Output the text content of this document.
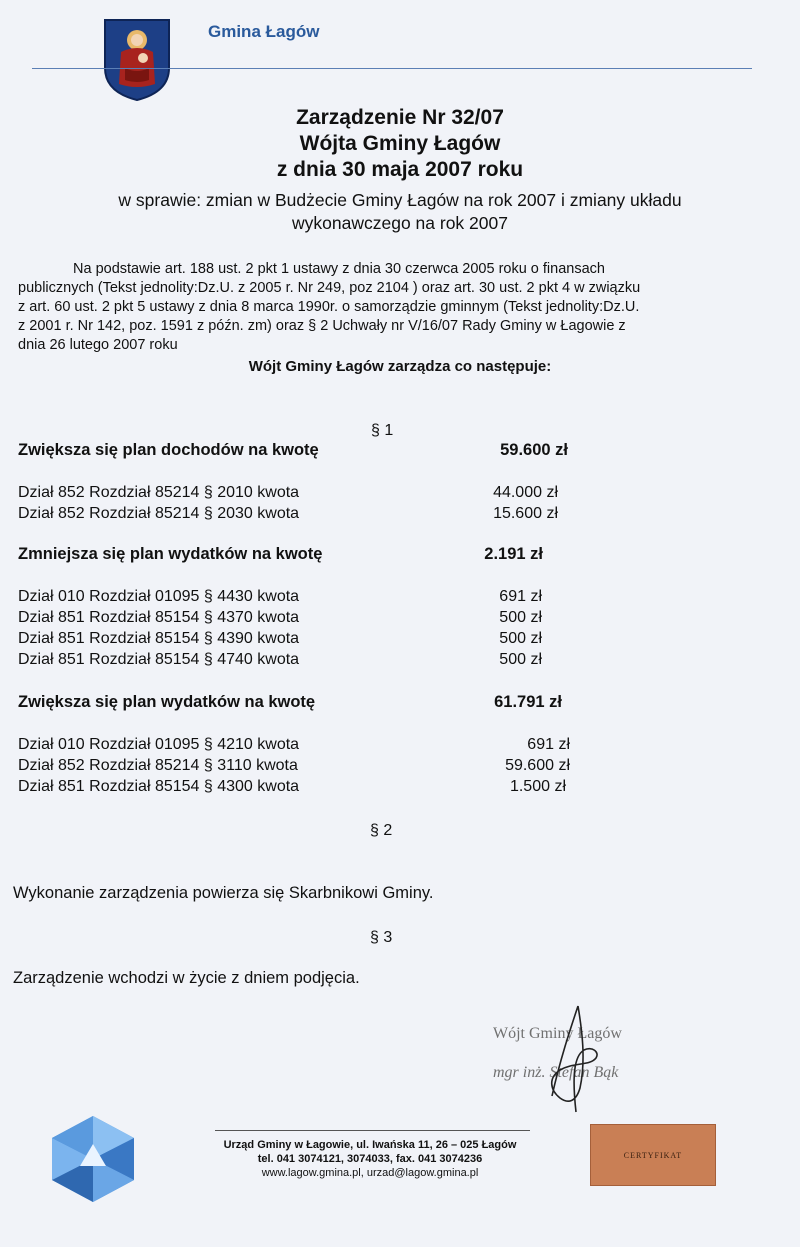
Gmina Łagów
Zarządzenie Nr 32/07
Wójta Gminy Łagów
z dnia 30 maja 2007 roku
w sprawie: zmian w Budżecie Gminy Łagów na rok 2007 i zmiany układu
wykonawczego na rok 2007
Na podstawie art. 188 ust. 2 pkt 1 ustawy z dnia 30 czerwca 2005 roku o finansach
publicznych (Tekst jednolity:Dz.U. z 2005 r. Nr 249, poz 2104 ) oraz art. 30 ust. 2 pkt 4 w związku
z art. 60 ust. 2 pkt 5 ustawy z dnia 8 marca 1990r. o samorządzie gminnym (Tekst jednolity:Dz.U.
z 2001 r. Nr 142, poz. 1591 z późn. zm) oraz § 2 Uchwały nr V/16/07 Rady Gminy w Łagowie z
dnia 26 lutego 2007 roku
Wójt Gminy Łagów zarządza co następuje:
§ 1
Zwiększa się plan dochodów na kwotę	59.600 zł
Dział 852 Rozdział 85214 § 2010 kwota	44.000 zł
Dział 852 Rozdział 85214 § 2030 kwota	15.600 zł
Zmniejsza się plan wydatków na kwotę	2.191 zł
Dział 010 Rozdział 01095 § 4430 kwota	691 zł
Dział 851 Rozdział 85154 § 4370 kwota	500 zł
Dział 851 Rozdział 85154 § 4390 kwota	500 zł
Dział 851 Rozdział 85154 § 4740 kwota	500 zł
Zwiększa się plan wydatków na kwotę	61.791 zł
Dział 010 Rozdział 01095 § 4210 kwota	691 zł
Dział 852 Rozdział 85214 § 3110 kwota	59.600 zł
Dział 851 Rozdział 85154 § 4300 kwota	1.500 zł
§ 2
Wykonanie zarządzenia powierza się Skarbnikowi Gminy.
§ 3
Zarządzenie wchodzi w życie z dniem podjęcia.
Wójt Gminy Łagów
mgr inż. Stefan Bąk
Urząd Gminy w Łagowie, ul. Iwańska 11, 26 – 025 Łagów
tel. 041 3074121, 3074033, fax. 041 3074236
www.lagow.gmina.pl, urzad@lagow.gmina.pl
CERTYFIKAT
